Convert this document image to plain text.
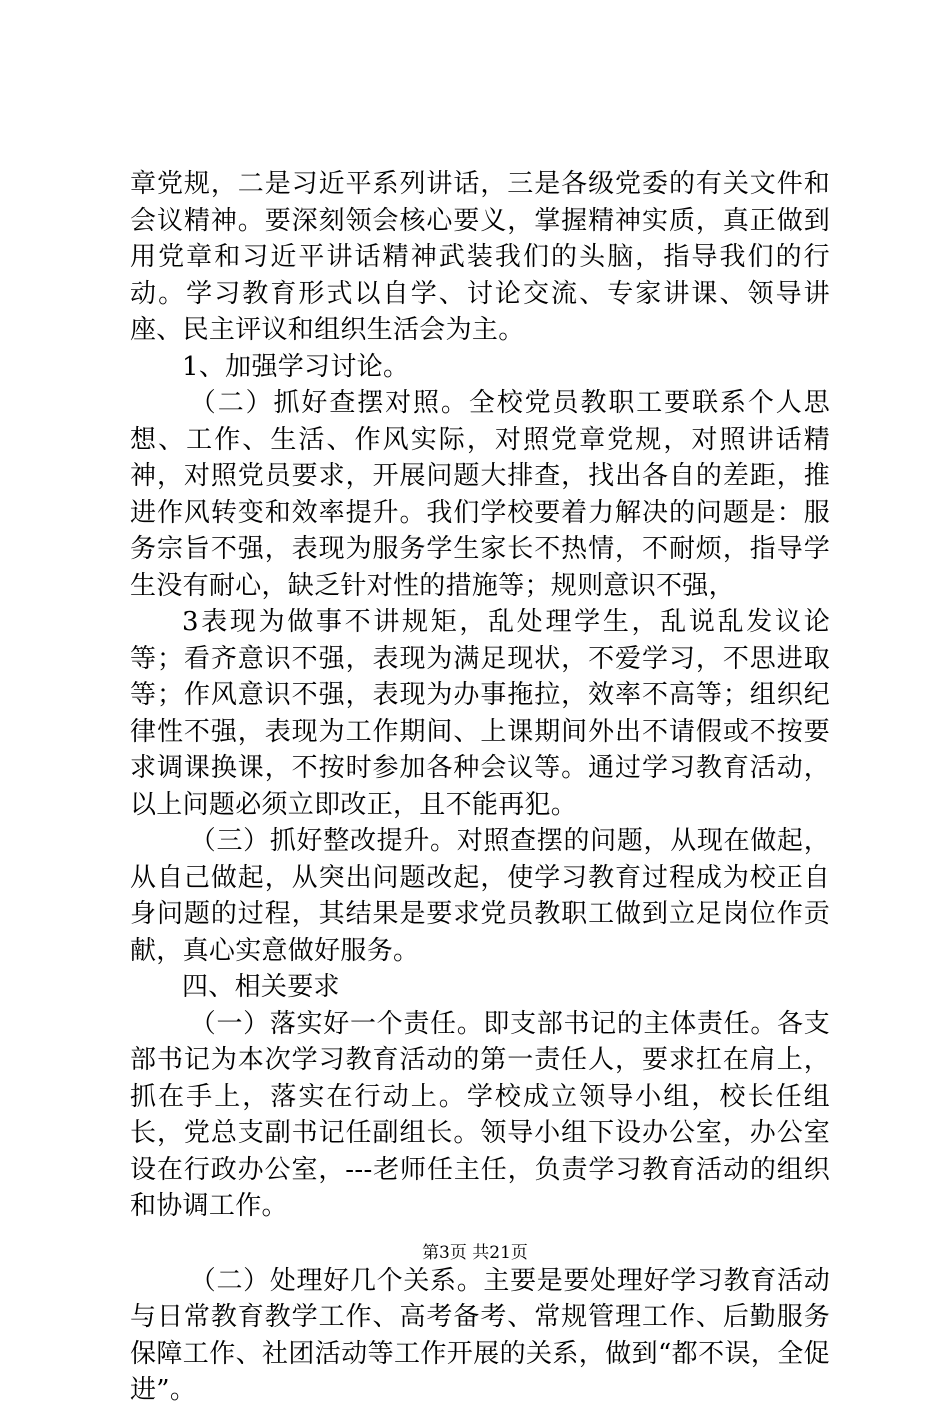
章党规，二是习近平系列讲话，三是各级党委的有关文件和会议精神。要深刻领会核心要义，掌握精神实质，真正做到用党章和习近平讲话精神武装我们的头脑，指导我们的行动。学习教育形式以自学、讨论交流、专家讲课、领导讲座、民主评议和组织生活会为主。

1、加强学习讨论。

（二）抓好查摆对照。全校党员教职工要联系个人思想、工作、生活、作风实际，对照党章党规，对照讲话精神，对照党员要求，开展问题大排查，找出各自的差距，推进作风转变和效率提升。我们学校要着力解决的问题是：服务宗旨不强，表现为服务学生家长不热情，不耐烦，指导学生没有耐心，缺乏针对性的措施等；规则意识不强，

3表现为做事不讲规矩，乱处理学生，乱说乱发议论等；看齐意识不强，表现为满足现状，不爱学习，不思进取等；作风意识不强，表现为办事拖拉，效率不高等；组织纪律性不强，表现为工作期间、上课期间外出不请假或不按要求调课换课，不按时参加各种会议等。通过学习教育活动，以上问题必须立即改正，且不能再犯。

（三）抓好整改提升。对照查摆的问题，从现在做起，从自己做起，从突出问题改起，使学习教育过程成为校正自身问题的过程，其结果是要求党员教职工做到立足岗位作贡献，真心实意做好服务。

四、相关要求

（一）落实好一个责任。即支部书记的主体责任。各支部书记为本次学习教育活动的第一责任人，要求扛在肩上，抓在手上，落实在行动上。学校成立领导小组，校长任组长，党总支副书记任副组长。领导小组下设办公室，办公室设在行政办公室，---老师任主任，负责学习教育活动的组织和协调工作。

（二）处理好几个关系。主要是要处理好学习教育活动与日常教育教学工作、高考备考、常规管理工作、后勤服务保障工作、社团活动等工作开展的关系，做到“都不误，全促进”。

第3页 共21页
